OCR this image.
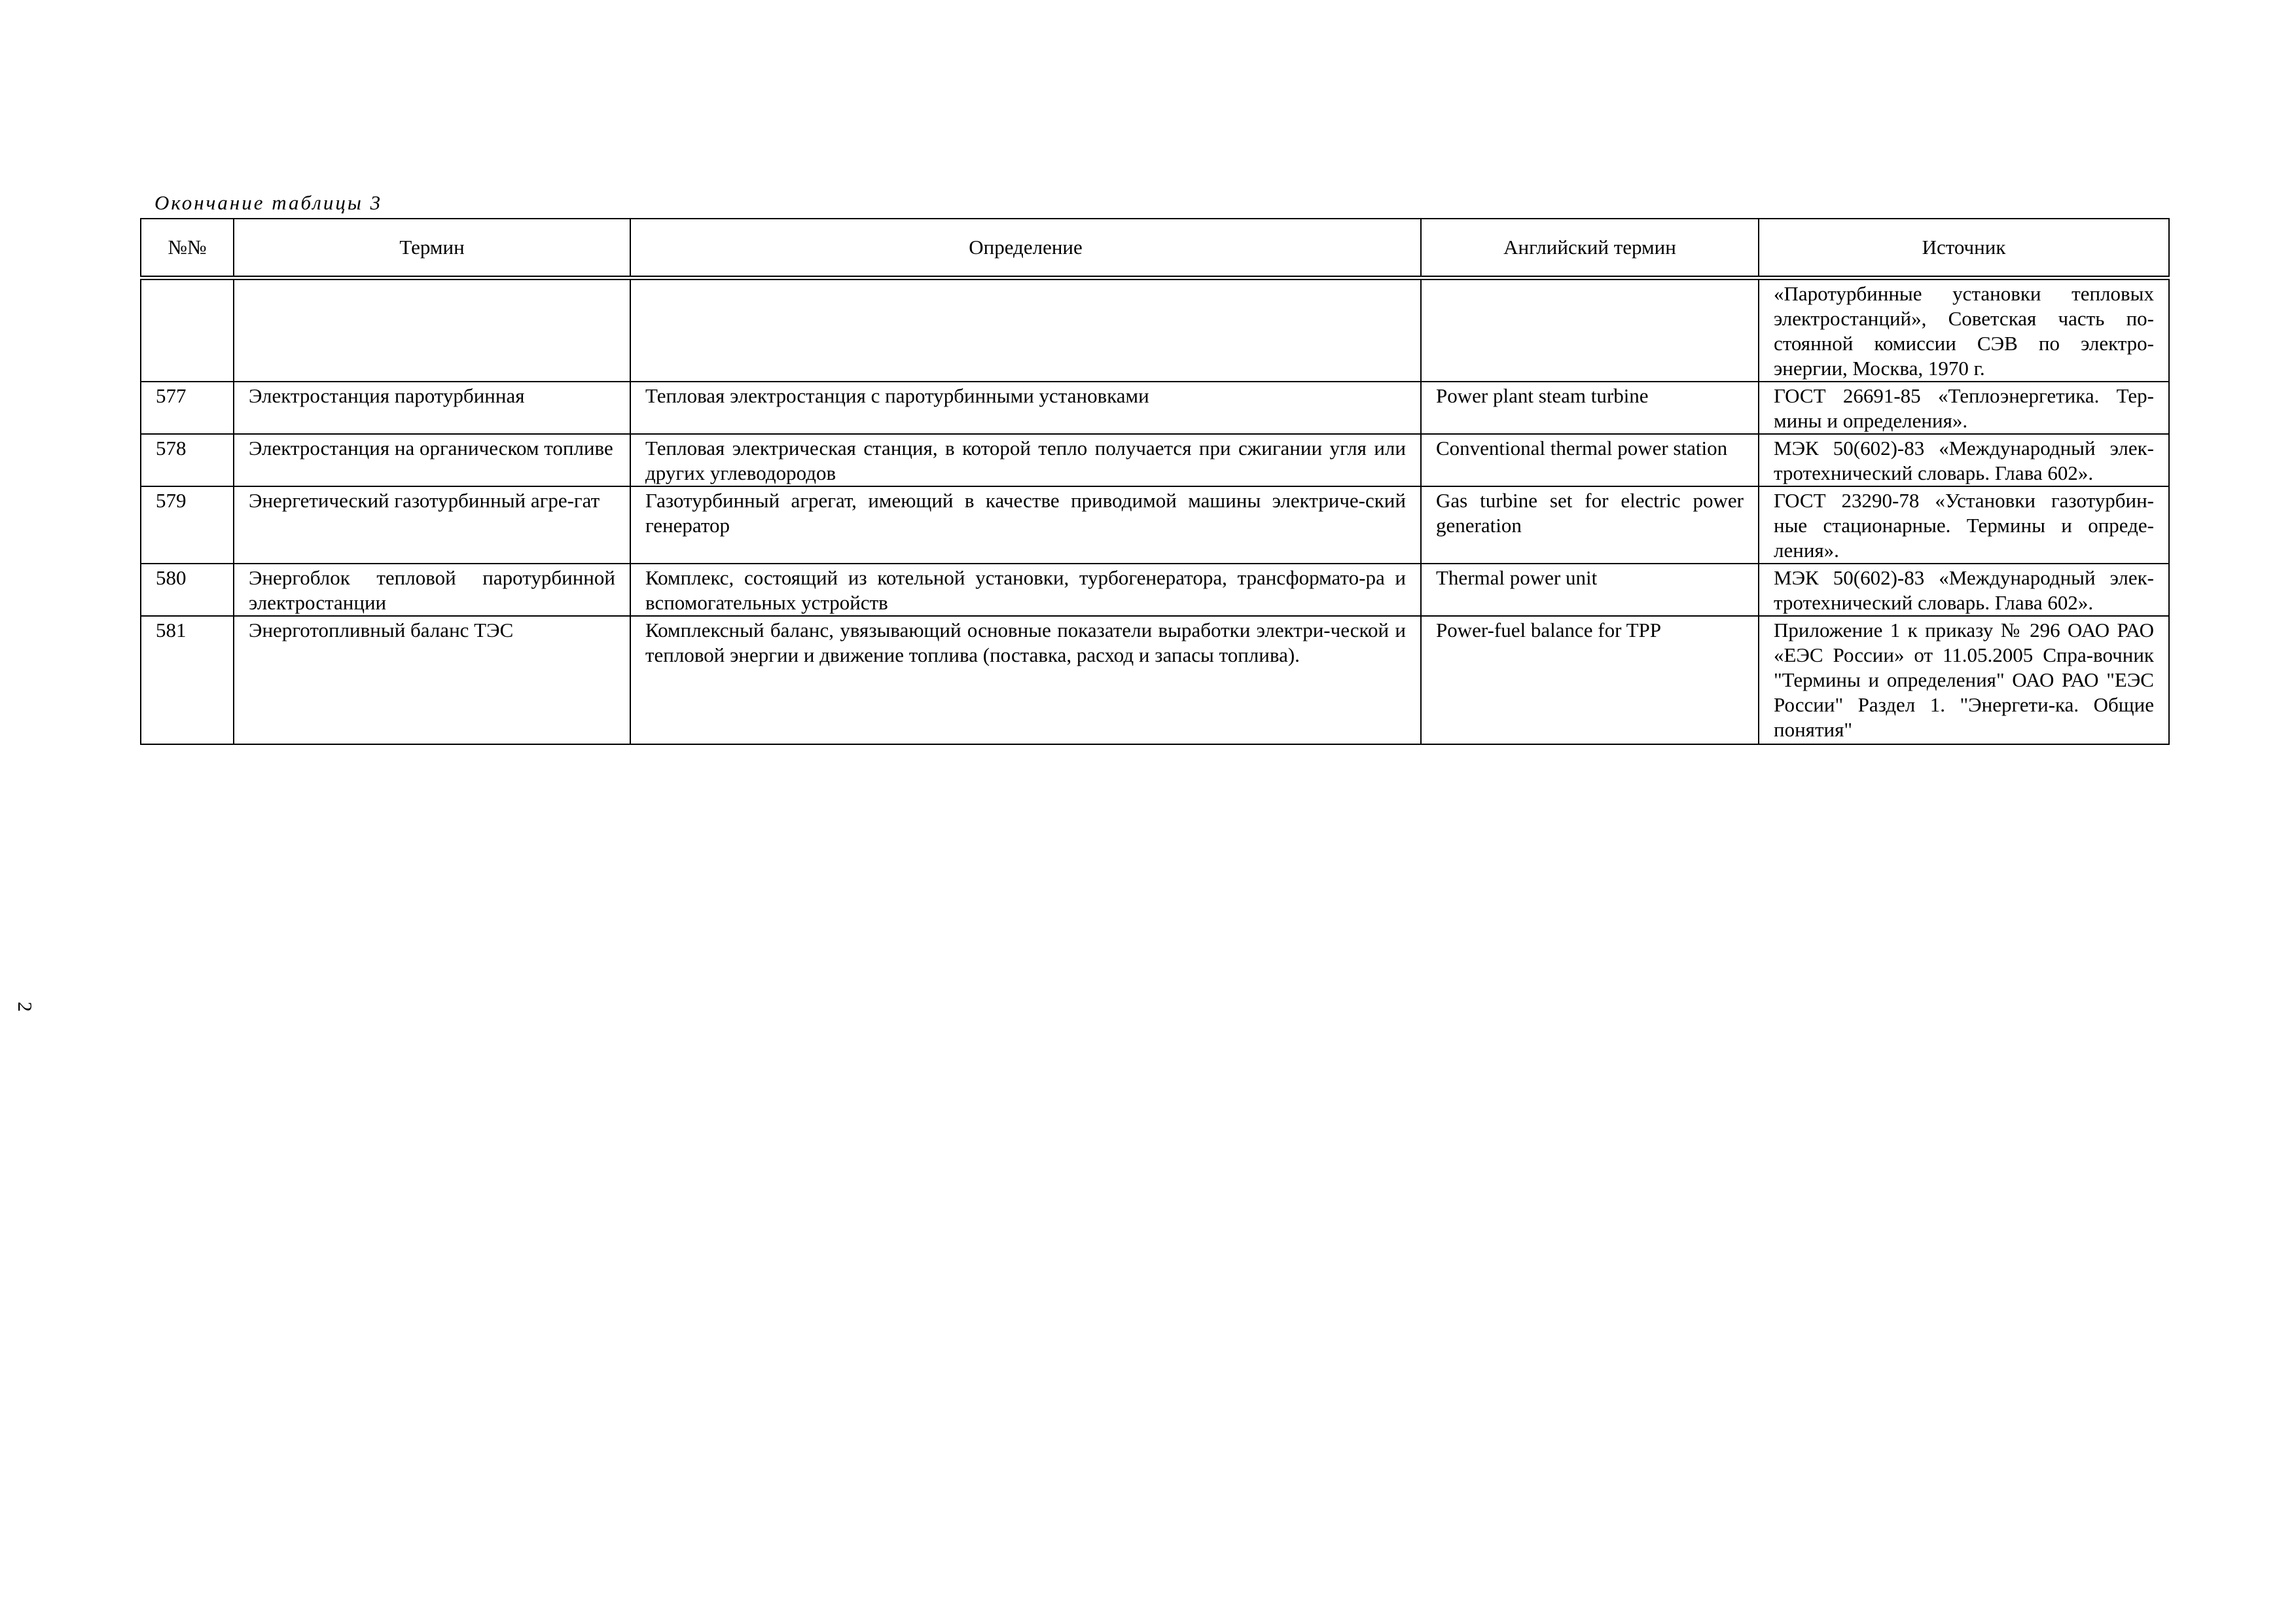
Окончание таблицы 3
№№	Термин	Определение	Английский термин	Источник
				«Паротурбинные установки тепловых электростанций», Советская часть по-стоянной комиссии СЭВ по электро-энергии, Москва, 1970 г.
577	Электростанция паротурбинная	Тепловая электростанция с паротурбинными установками	Power plant steam turbine	ГОСТ 26691-85 «Теплоэнергетика. Тер-мины и определения».
578	Электростанция на органическом топливе	Тепловая электрическая станция, в которой тепло получается при сжигании угля или других углеводородов	Conventional thermal power station	МЭК 50(602)-83 «Международный элек-тротехнический словарь. Глава 602».
579	Энергетический газотурбинный агре-гат	Газотурбинный агрегат, имеющий в качестве приводимой машины электриче-ский генератор	Gas turbine set for electric power generation	ГОСТ 23290-78 «Установки газотурбин-ные стационарные. Термины и опреде-ления».
580	Энергоблок тепловой паротурбинной электростанции	Комплекс, состоящий из котельной установки, турбогенератора, трансформато-ра и вспомогательных устройств	Thermal power unit	МЭК 50(602)-83 «Международный элек-тротехнический словарь. Глава 602».
581	Энерготопливный баланс ТЭС	Комплексный баланс, увязывающий основные показатели выработки электри-ческой и тепловой энергии и движение топлива (поставка, расход и запасы топлива).	Power-fuel balance for TPP	Приложение 1 к приказу № 296 ОАО РАО «ЕЭС России» от 11.05.2005 Спра-вочник "Термины и определения" ОАО РАО "ЕЭС России" Раздел 1. "Энергети-ка. Общие понятия"
2
